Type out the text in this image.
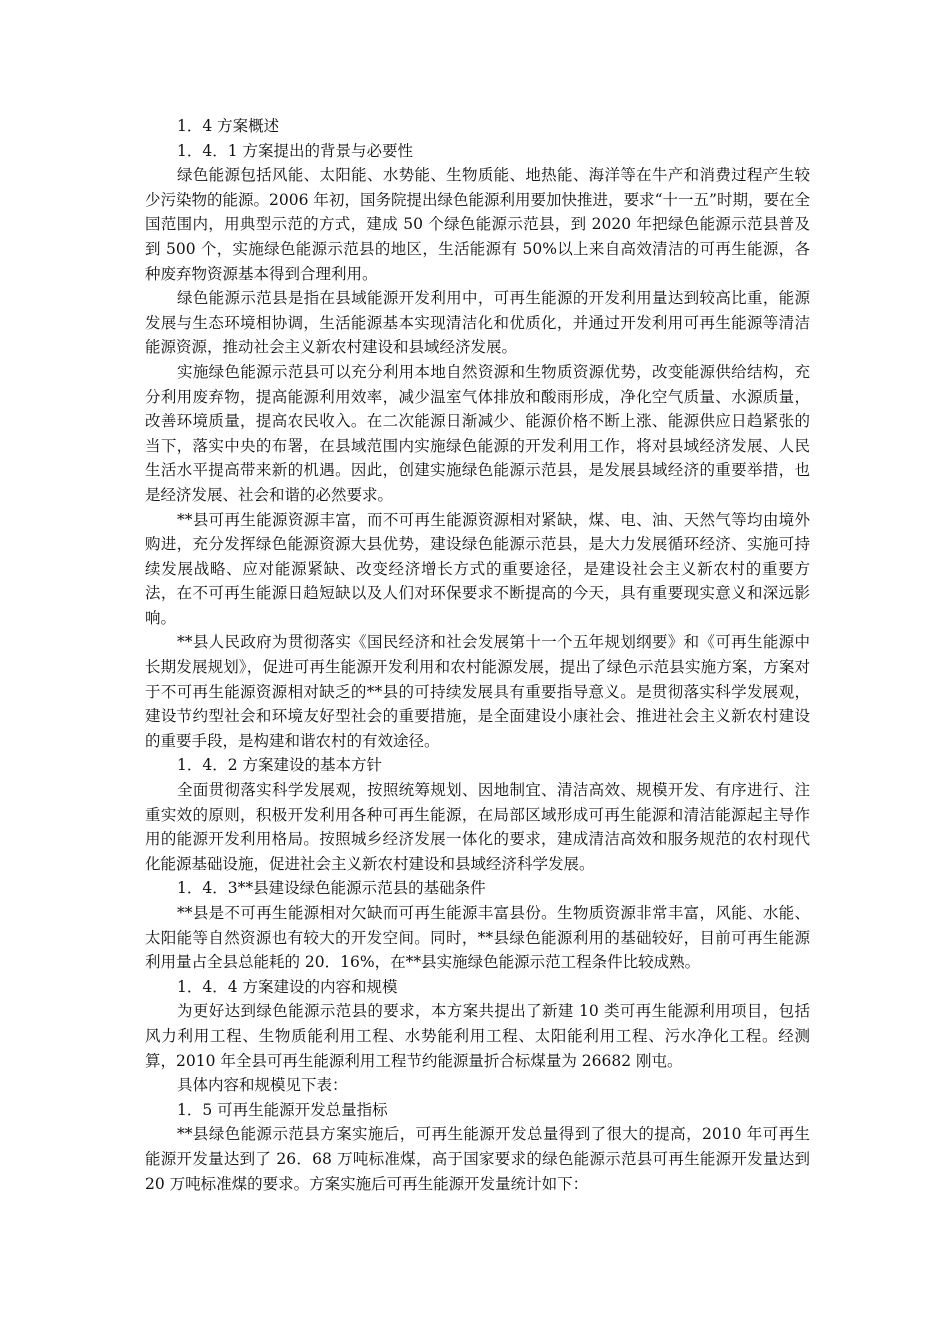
1．4 方案概述

1．4．1 方案提出的背景与必要性

绿色能源包括风能、太阳能、水势能、生物质能、地热能、海洋等在牛产和消费过程产生较少污染物的能源。2006 年初，国务院提出绿色能源利用要加快推进，要求“十一五”时期，要在全国范围内，用典型示范的方式，建成 50 个绿色能源示范县，到 2020 年把绿色能源示范县普及到 500 个，实施绿色能源示范县的地区，生活能源有 50%以上来自高效清洁的可再生能源，各种废弃物资源基本得到合理利用。

绿色能源示范县是指在县域能源开发利用中，可再生能源的开发利用量达到较高比重，能源发展与生态环境相协调，生活能源基本实现清洁化和优质化，并通过开发利用可再生能源等清洁能源资源，推动社会主义新农村建设和县域经济发展。

实施绿色能源示范县可以充分利用本地自然资源和生物质资源优势，改变能源供给结构，充分利用废弃物，提高能源利用效率，减少温室气体排放和酸雨形成，净化空气质量、水源质量，改善环境质量，提高农民收入。在二次能源日渐减少、能源价格不断上涨、能源供应日趋紧张的当下，落实中央的布署，在县域范围内实施绿色能源的开发利用工作，将对县域经济发展、人民生活水平提高带来新的机遇。因此，创建实施绿色能源示范县，是发展县域经济的重要举措，也是经济发展、社会和谐的必然要求。

**县可再生能源资源丰富，而不可再生能源资源相对紧缺，煤、电、油、天然气等均由境外购进，充分发挥绿色能源资源大县优势，建设绿色能源示范县，是大力发展循环经济、实施可持续发展战略、应对能源紧缺、改变经济增长方式的重要途径，是建设社会主义新农村的重要方法，在不可再生能源日趋短缺以及人们对环保要求不断提高的今天，具有重要现实意义和深远影响。

**县人民政府为贯彻落实《国民经济和社会发展第十一个五年规划纲要》和《可再生能源中长期发展规划》，促进可再生能源开发利用和农村能源发展，提出了绿色示范县实施方案，方案对于不可再生能源资源相对缺乏的**县的可持续发展具有重要指导意义。是贯彻落实科学发展观，建设节约型社会和环境友好型社会的重要措施，是全面建设小康社会、推进社会主义新农村建设的重要手段，是构建和谐农村的有效途径。

1．4．2 方案建设的基本方针

全面贯彻落实科学发展观，按照统筹规划、因地制宜、清洁高效、规模开发、有序进行、注重实效的原则，积极开发利用各种可再生能源，在局部区域形成可再生能源和清洁能源起主导作用的能源开发利用格局。按照城乡经济发展一体化的要求，建成清洁高效和服务规范的农村现代化能源基础设施，促进社会主义新农村建设和县域经济科学发展。

1．4．3**县建设绿色能源示范县的基础条件

**县是不可再生能源相对欠缺而可再生能源丰富县份。生物质资源非常丰富，风能、水能、太阳能等自然资源也有较大的开发空间。同时，**县绿色能源利用的基础较好，目前可再生能源利用量占全县总能耗的 20．16%，在**县实施绿色能源示范工程条件比较成熟。

1．4．4 方案建设的内容和规模

为更好达到绿色能源示范县的要求，本方案共提出了新建 10 类可再生能源利用项目，包括风力利用工程、生物质能利用工程、水势能利用工程、太阳能利用工程、污水净化工程。经测算，2010 年全县可再生能源利用工程节约能源量折合标煤量为 26682 刚屯。

具体内容和规模见下表：

1．5 可再生能源开发总量指标

**县绿色能源示范县方案实施后，可再生能源开发总量得到了很大的提高，2010 年可再生能源开发量达到了 26．68 万吨标准煤，高于国家要求的绿色能源示范县可再生能源开发量达到 20 万吨标准煤的要求。方案实施后可再生能源开发量统计如下：
